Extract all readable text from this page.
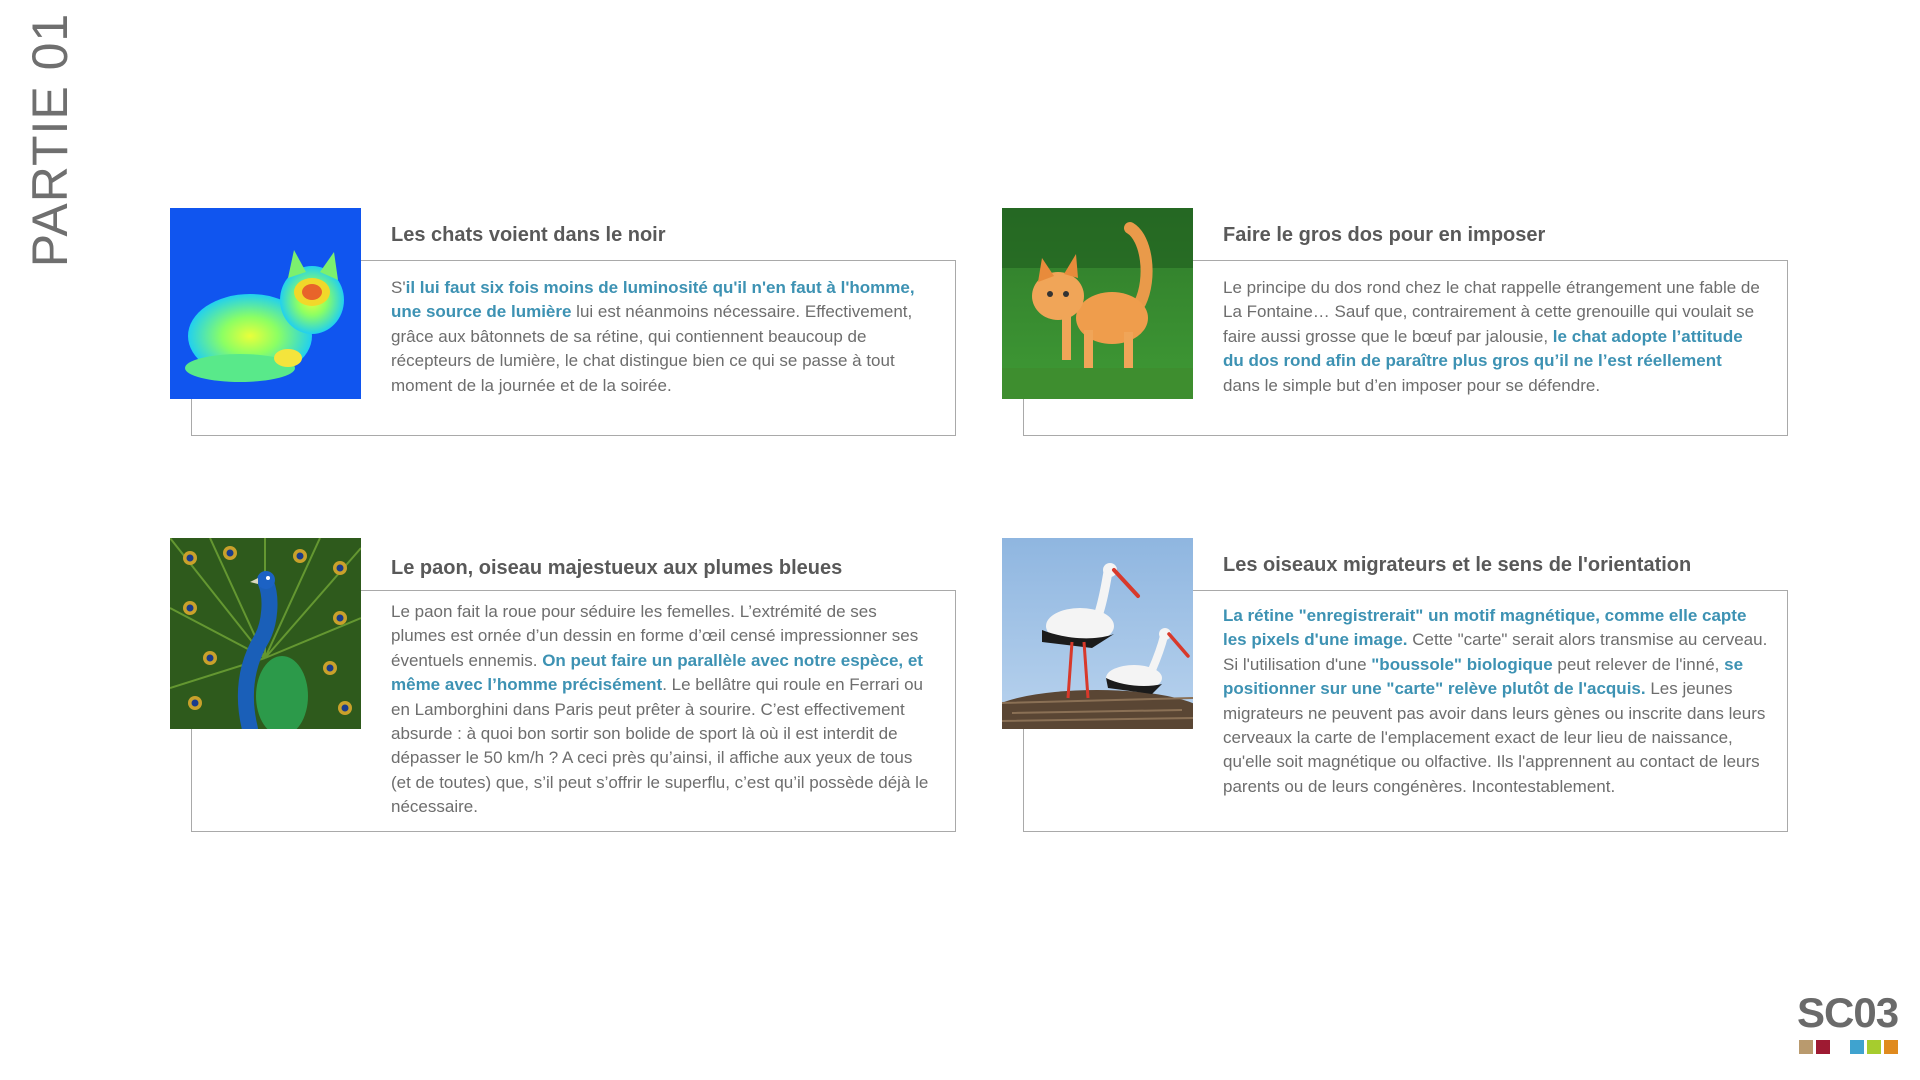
PARTIE 01	Les chats voient dans le noir

S'il lui faut six fois moins de luminosité qu'il n'en faut à l'homme, une source de lumière lui est néanmoins nécessaire. Effectivement, grâce aux bâtonnets de sa rétine, qui contiennent beaucoup de récepteurs de lumière, le chat distingue bien ce qui se passe à tout moment de la journée et de la soirée.

Faire le gros dos pour en imposer

Le principe du dos rond chez le chat rappelle étrangement une fable de La Fontaine… Sauf que, contrairement à cette grenouille qui voulait se faire aussi grosse que le bœuf par jalousie, le chat adopte l’attitude du dos rond afin de paraître plus gros qu’il ne l’est réellement dans le simple but d’en imposer pour se défendre.

Le paon, oiseau majestueux aux plumes bleues

Le paon fait la roue pour séduire les femelles. L’extrémité de ses plumes est ornée d’un dessin en forme d’œil censé impressionner ses éventuels ennemis. On peut faire un parallèle avec notre espèce, et même avec l’homme précisément. Le bellâtre qui roule en Ferrari ou en Lamborghini dans Paris peut prêter à sourire. C’est effectivement absurde : à quoi bon sortir son bolide de sport là où il est interdit de dépasser le 50 km/h ? A ceci près qu’ainsi, il affiche aux yeux de tous (et de toutes) que, s’il peut s’offrir le superflu, c’est qu’il possède déjà le nécessaire.

Les oiseaux migrateurs et le sens de l'orientation

La rétine "enregistrerait" un motif magnétique, comme elle capte les pixels d'une image. Cette "carte" serait alors transmise au cerveau. Si l'utilisation d'une "boussole" biologique peut relever de l'inné, se positionner sur une "carte" relève plutôt de l'acquis. Les jeunes migrateurs ne peuvent pas avoir dans leurs gènes ou inscrite dans leurs cerveaux la carte de l'emplacement exact de leur lieu de naissance, qu'elle soit magnétique ou olfactive. Ils l'apprennent au contact de leurs parents ou de leurs congénères. Incontestablement.

SC03
